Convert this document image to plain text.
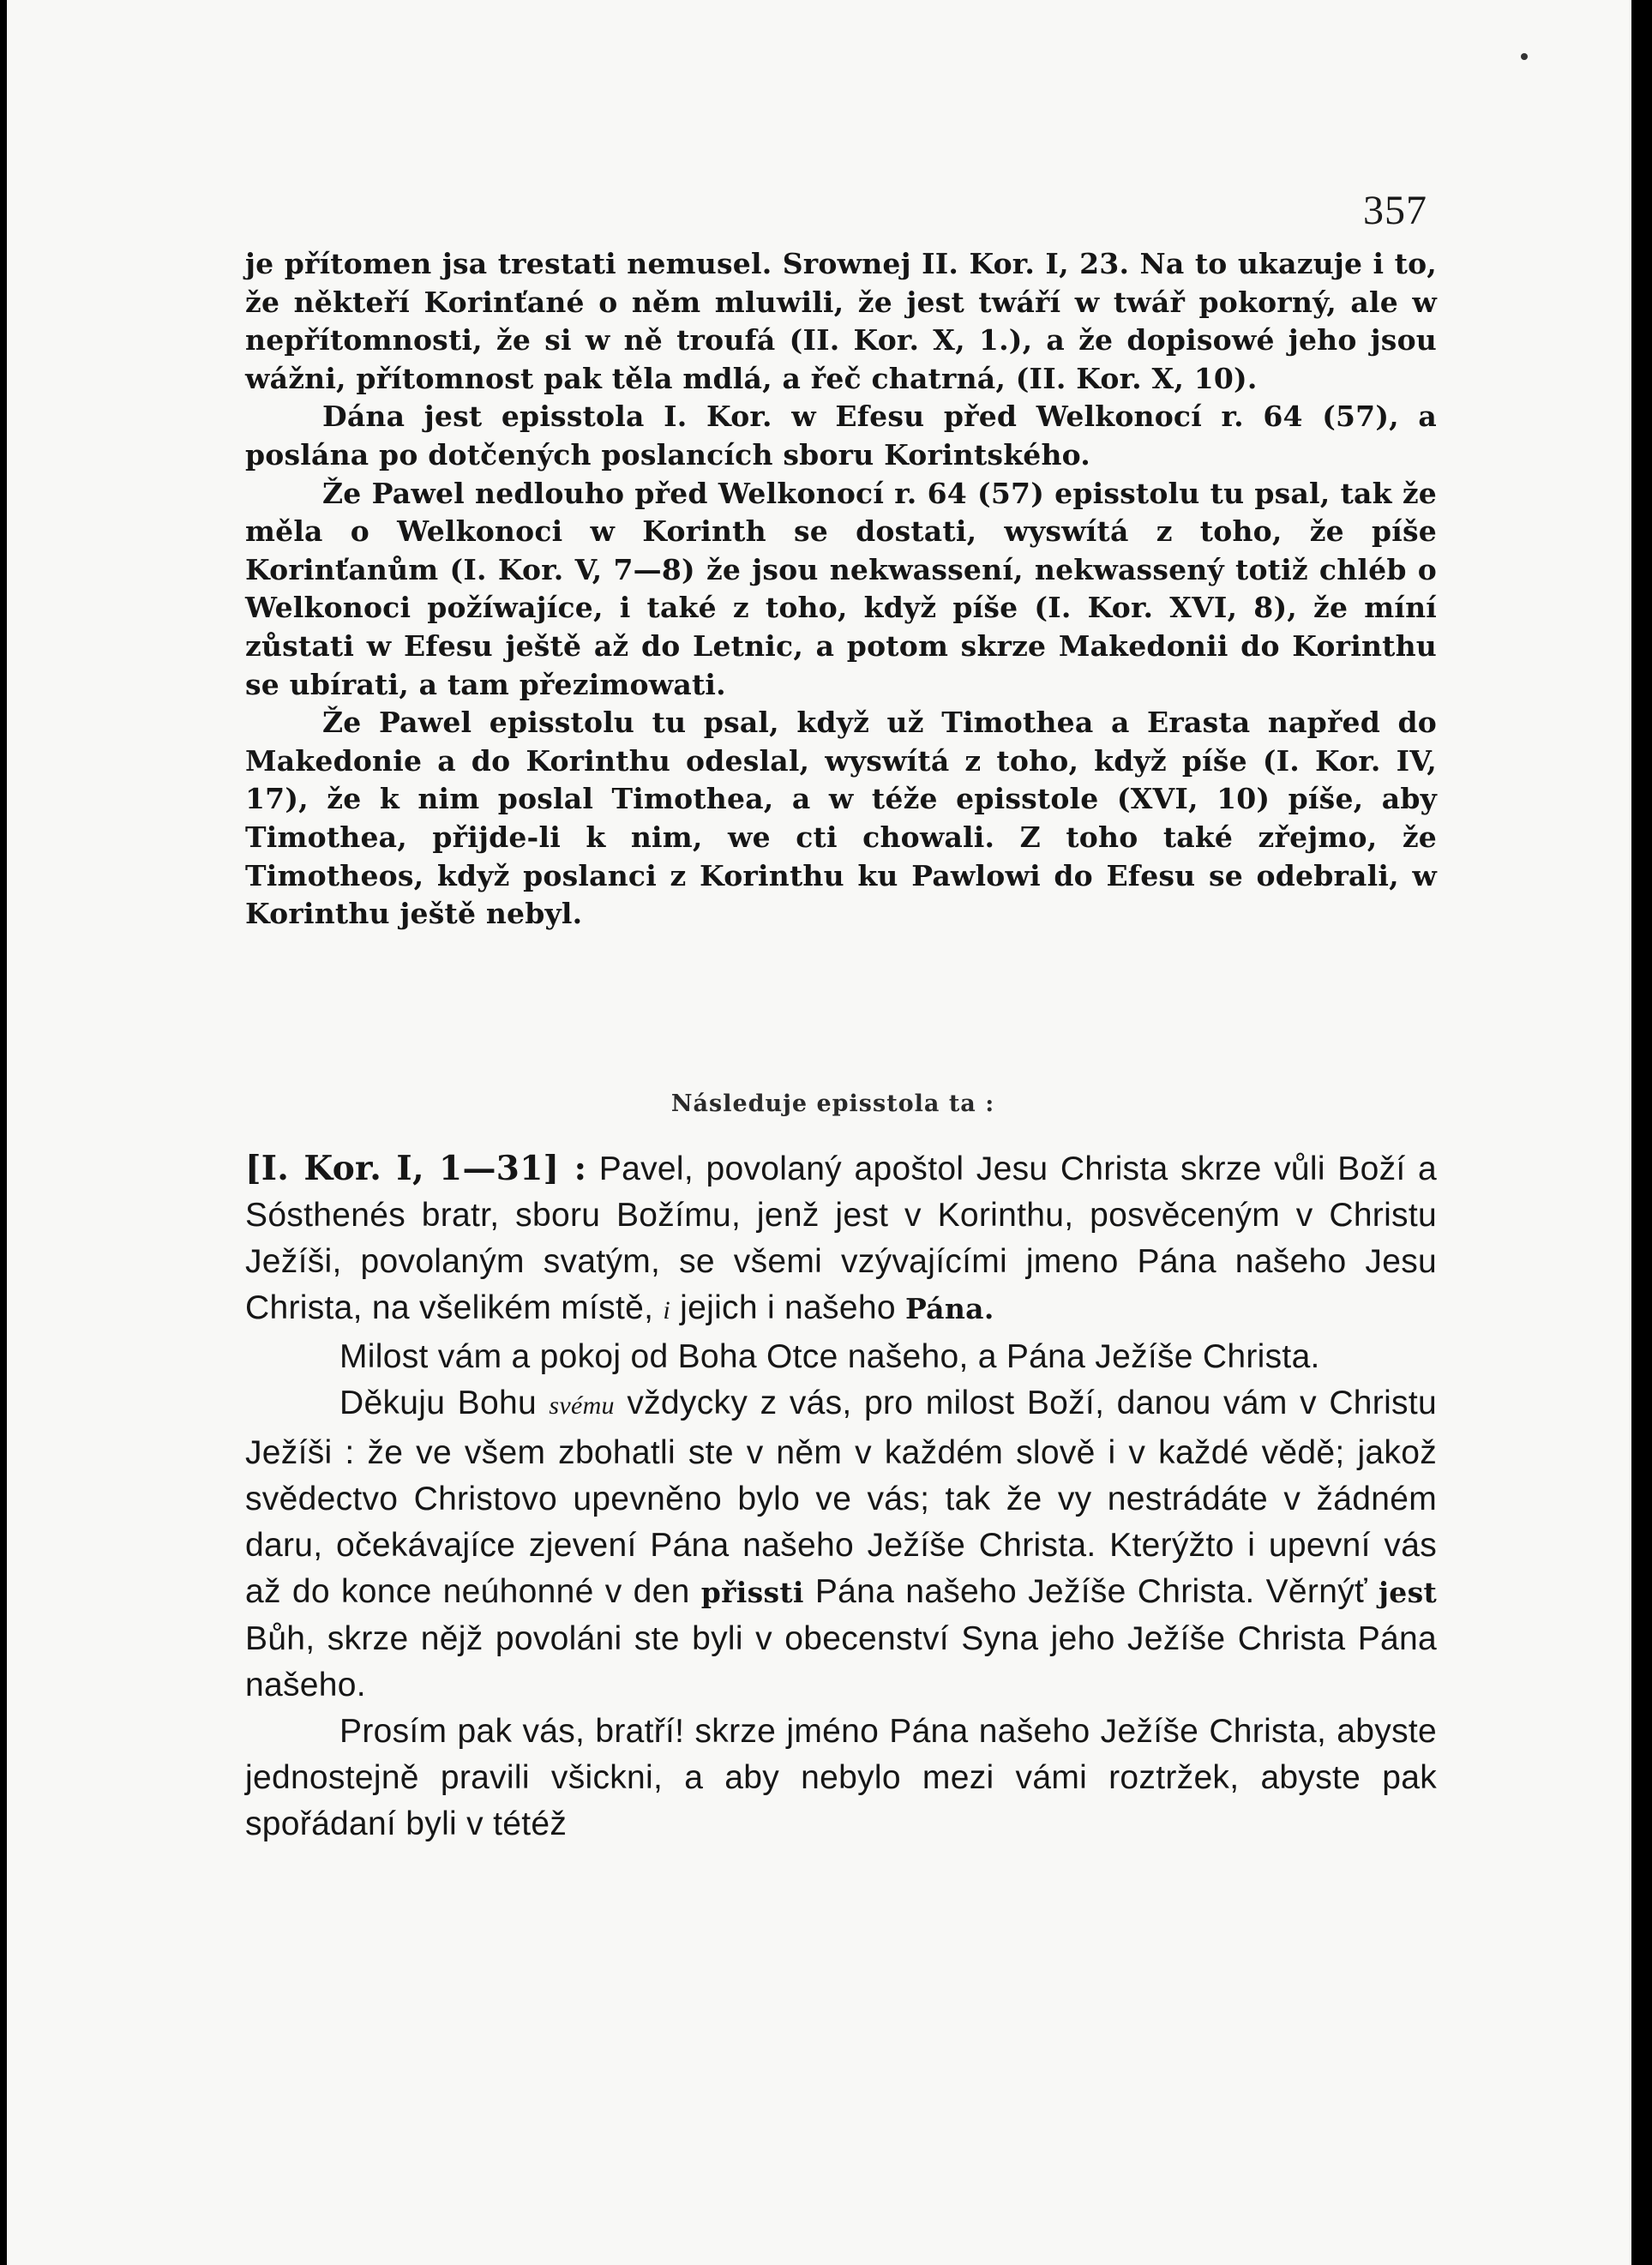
357

je přítomen jsa trestati nemusel. Srownej II. Kor. I, 23. Na to ukazuje i to, že někteří Korinťané o něm mluwili, že jest twáří w twář pokorný, ale w nepřítomnosti, že si w ně troufá (II. Kor. X, 1.), a že dopisowé jeho jsou wážni, přítomnost pak těla mdlá, a řeč chatrná, (II. Kor. X, 10).

Dána jest episstola I. Kor. w Efesu před Welkonocí r. 64 (57), a poslána po dotčených poslancích sboru Korintského.

Že Pawel nedlouho před Welkonocí r. 64 (57) episstolu tu psal, tak že měla o Welkonoci w Korinth se dostati, wyswítá z toho, že píše Korinťanům (I. Kor. V, 7—8) že jsou nekwassení, nekwassený totiž chléb o Welkonoci požíwajíce, i také z toho, když píše (I. Kor. XVI, 8), že míní zůstati w Efesu ještě až do Letnic, a potom skrze Makedonii do Korinthu se ubírati, a tam přezimowati.

Že Pawel episstolu tu psal, když už Timothea a Erasta napřed do Makedonie a do Korinthu odeslal, wyswítá z toho, když píše (I. Kor. IV, 17), že k nim poslal Timothea, a w téže episstole (XVI, 10) píše, aby Timothea, přijde-li k nim, we cti chowali. Z toho také zřejmo, že Timotheos, když poslanci z Korinthu ku Pawlowi do Efesu se odebrali, w Korinthu ještě nebyl.

Následuje episstola ta :

[I. Kor. I, 1—31] : Pavel, povolaný apoštol Jesu Christa skrze vůli Boží a Sósthenés bratr, sboru Božímu, jenž jest v Korinthu, posvěceným v Christu Ježíši, povolaným svatým, se všemi vzývajícími jmeno Pána našeho Jesu Christa, na všelikém místě, i jejich i našeho Pána.

Milost vám a pokoj od Boha Otce našeho, a Pána Ježíše Christa.

Děkuju Bohu svému vždycky z vás, pro milost Boží, danou vám v Christu Ježíši : že ve všem zbohatli ste v něm v každém slově i v každé vědě; jakož svědectvo Christovo upevněno bylo ve vás; tak že vy nestrádáte v žádném daru, očekávajíce zjevení Pána našeho Ježíše Christa. Kterýžto i upevní vás až do konce neúhonné v den přissti Pána našeho Ježíše Christa. Věrnýť jest Bůh, skrze nějž povoláni ste byli v obecenství Syna jeho Ježíše Christa Pána našeho.

Prosím pak vás, bratří! skrze jméno Pána našeho Ježíše Christa, abyste jednostejně pravili všickni, a aby nebylo mezi vámi roztržek, abyste pak spořádaní byli v tétéž
